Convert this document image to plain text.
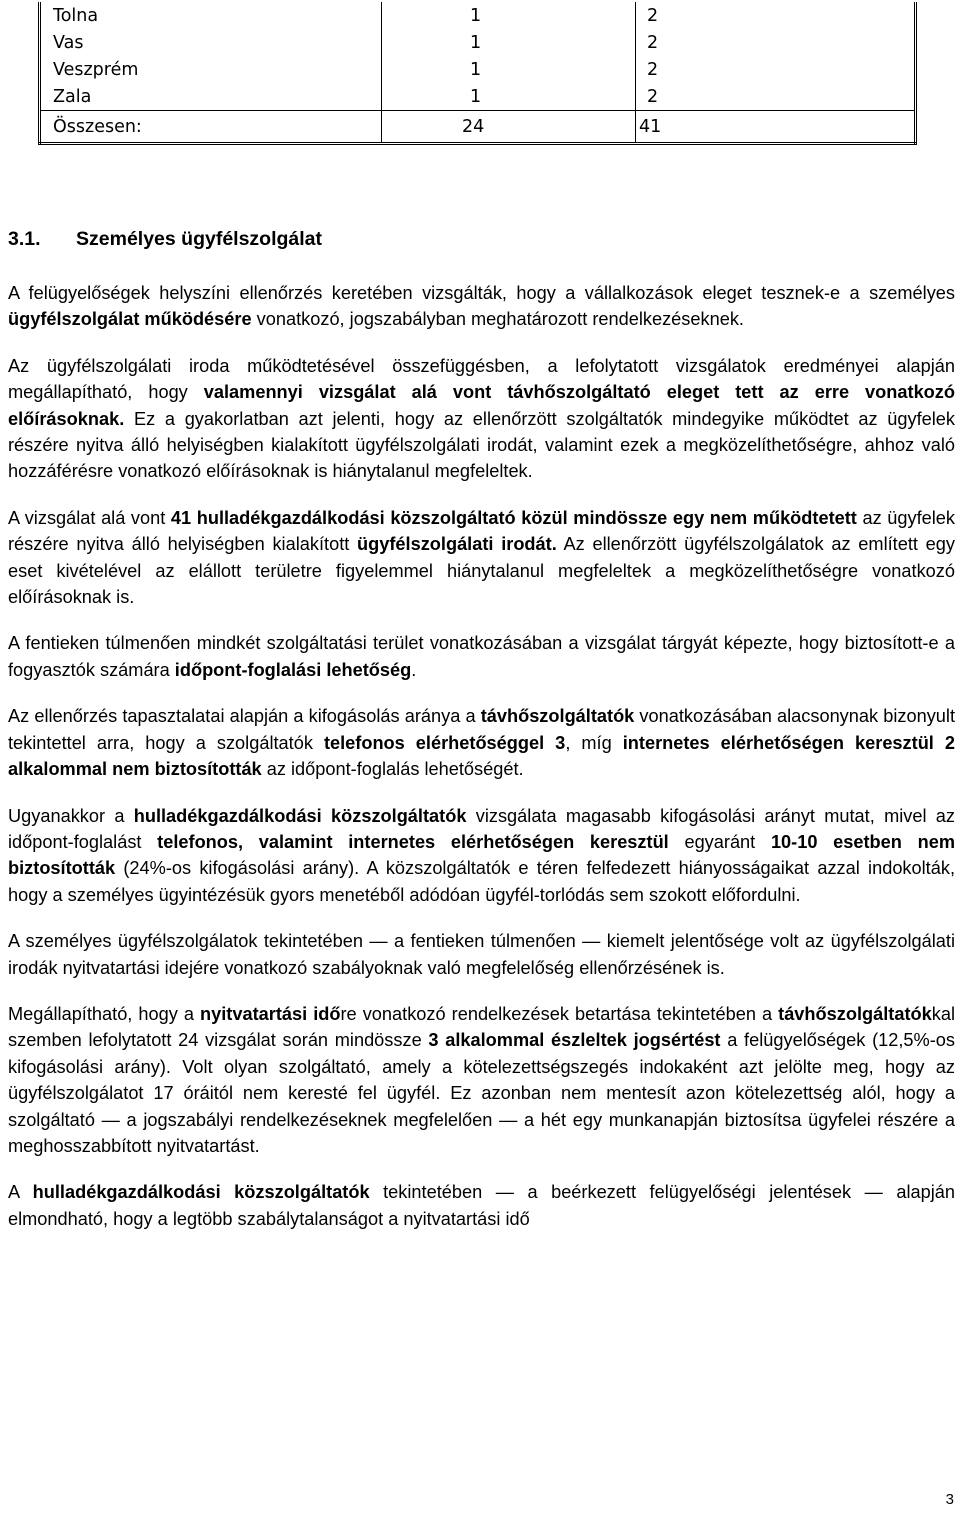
Tolna	1	2
Vas	1	2
Veszprém	1	2
Zala	1	2
Összesen:	24	41
3.1. Személyes ügyfélszolgálat

A felügyelőségek helyszíni ellenőrzés keretében vizsgálták, hogy a vállalkozások eleget tesznek-e a személyes ügyfélszolgálat működésére vonatkozó, jogszabályban meghatározott rendelkezéseknek.

Az ügyfélszolgálati iroda működtetésével összefüggésben, a lefolytatott vizsgálatok eredményei alapján megállapítható, hogy valamennyi vizsgálat alá vont távhőszolgáltató eleget tett az erre vonatkozó előírásoknak. Ez a gyakorlatban azt jelenti, hogy az ellenőrzött szolgáltatók mindegyike működtet az ügyfelek részére nyitva álló helyiségben kialakított ügyfélszolgálati irodát, valamint ezek a megközelíthetőségre, ahhoz való hozzáférésre vonatkozó előírásoknak is hiánytalanul megfeleltek.

A vizsgálat alá vont 41 hulladékgazdálkodási közszolgáltató közül mindössze egy nem működtetett az ügyfelek részére nyitva álló helyiségben kialakított ügyfélszolgálati irodát. Az ellenőrzött ügyfélszolgálatok az említett egy eset kivételével az elállott területre figyelemmel hiánytalanul megfeleltek a megközelíthetőségre vonatkozó előírásoknak is.

A fentieken túlmenően mindkét szolgáltatási terület vonatkozásában a vizsgálat tárgyát képezte, hogy biztosított-e a fogyasztók számára időpont-foglalási lehetőség.

Az ellenőrzés tapasztalatai alapján a kifogásolás aránya a távhőszolgáltatók vonatkozásában alacsonynak bizonyult tekintettel arra, hogy a szolgáltatók telefonos elérhetőséggel 3, míg internetes elérhetőségen keresztül 2 alkalommal nem biztosították az időpont-foglalás lehetőségét.

Ugyanakkor a hulladékgazdálkodási közszolgáltatók vizsgálata magasabb kifogásolási arányt mutat, mivel az időpont-foglalást telefonos, valamint internetes elérhetőségen keresztül egyaránt 10-10 esetben nem biztosították (24%-os kifogásolási arány). A közszolgáltatók e téren felfedezett hiányosságaikat azzal indokolták, hogy a személyes ügyintézésük gyors menetéből adódóan ügyfél-torlódás sem szokott előfordulni.

A személyes ügyfélszolgálatok tekintetében — a fentieken túlmenően — kiemelt jelentősége volt az ügyfélszolgálati irodák nyitvatartási idejére vonatkozó szabályoknak való megfelelőség ellenőrzésének is.

Megállapítható, hogy a nyitvatartási időre vonatkozó rendelkezések betartása tekintetében a távhőszolgáltatókkal szemben lefolytatott 24 vizsgálat során mindössze 3 alkalommal észleltek jogsértést a felügyelőségek (12,5%-os kifogásolási arány). Volt olyan szolgáltató, amely a kötelezettségszegés indokaként azt jelölte meg, hogy az ügyfélszolgálatot 17 óráitól nem keresté fel ügyfél. Ez azonban nem mentesít azon kötelezettség alól, hogy a szolgáltató — a jogszabályi rendelkezéseknek megfelelően — a hét egy munkanapján biztosítsa ügyfelei részére a meghosszabbított nyitvatartást.

A hulladékgazdálkodási közszolgáltatók tekintetében — a beérkezett felügyelőségi jelentések — alapján elmondható, hogy a legtöbb szabálytalanságot a nyitvatartási idő

3
